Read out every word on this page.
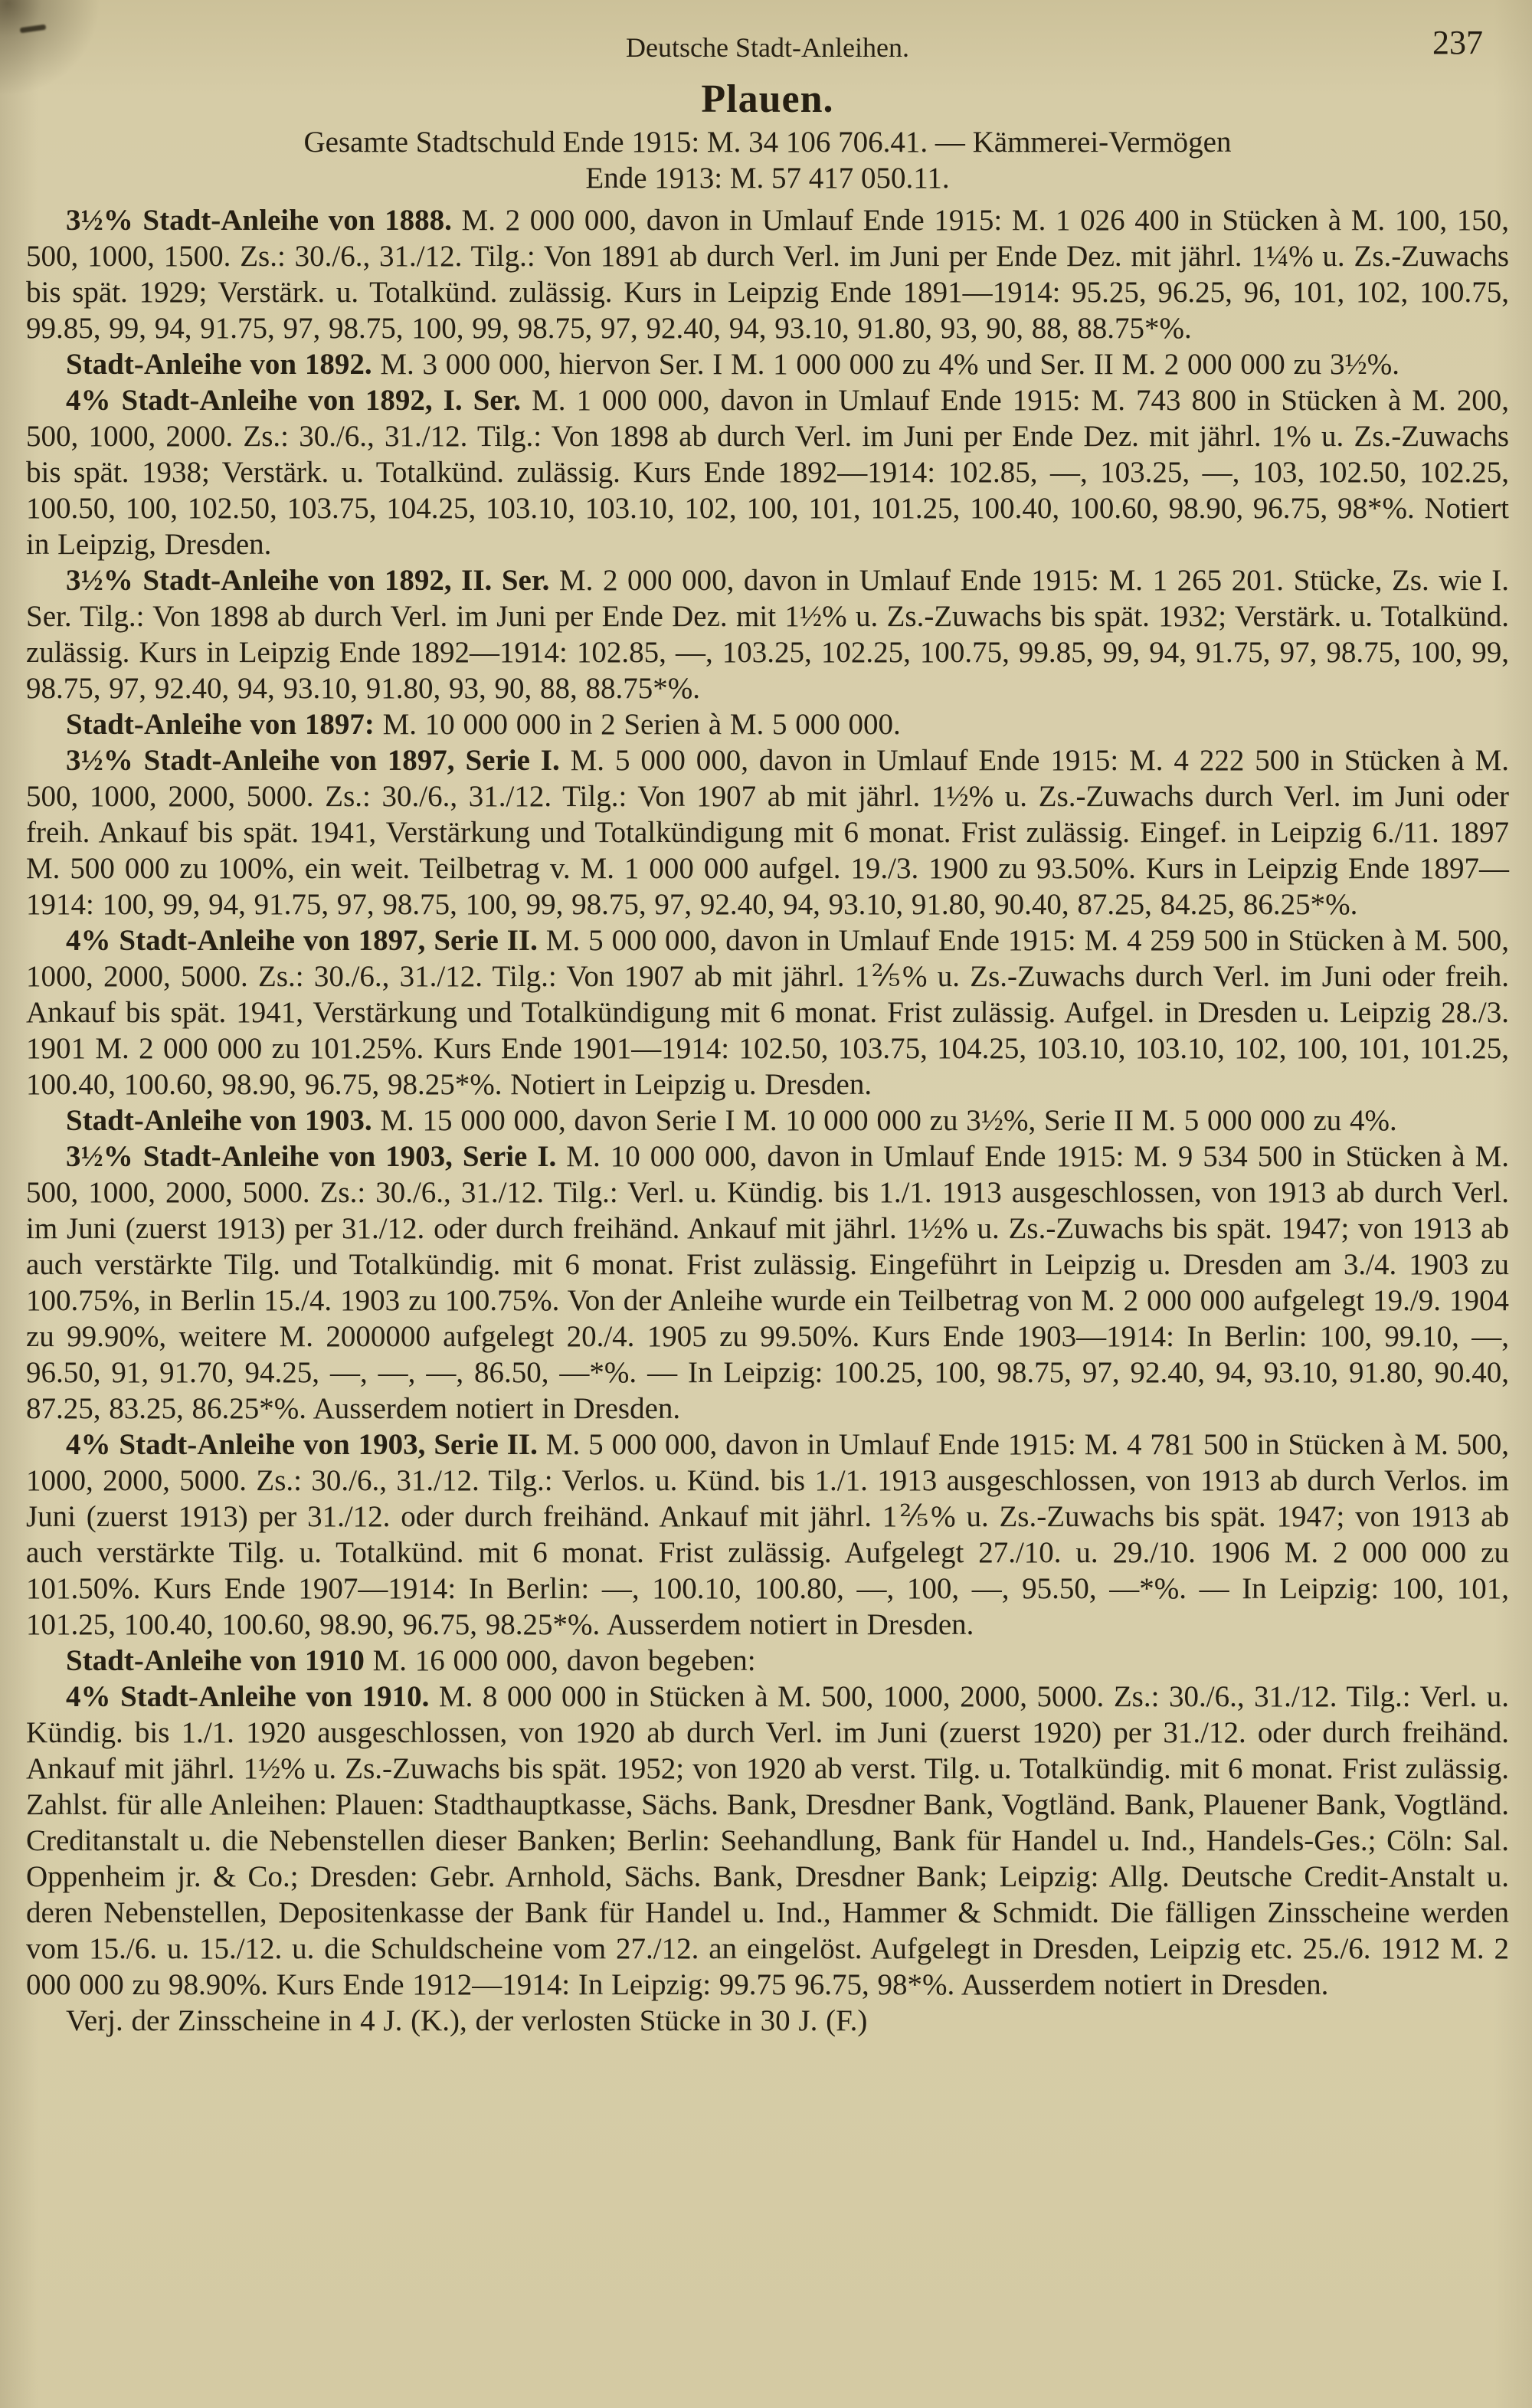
Deutsche Stadt-Anleihen.	237
Plauen.
Gesamte Stadtschuld Ende 1915: M. 34 106 706.41. — Kämmerei-Vermögen
Ende 1913: M. 57 417 050.11.

3½% Stadt-Anleihe von 1888. M. 2 000 000, davon in Umlauf Ende 1915: M. 1 026 400 in Stücken à M. 100, 150, 500, 1000, 1500. Zs.: 30./6., 31./12. Tilg.: Von 1891 ab durch Verl. im Juni per Ende Dez. mit jährl. 1¼% u. Zs.-Zuwachs bis spät. 1929; Verstärk. u. Totalkünd. zulässig. Kurs in Leipzig Ende 1891—1914: 95.25, 96.25, 96, 101, 102, 100.75, 99.85, 99, 94, 91.75, 97, 98.75, 100, 99, 98.75, 97, 92.40, 94, 93.10, 91.80, 93, 90, 88, 88.75*%.

Stadt-Anleihe von 1892. M. 3 000 000, hiervon Ser. I M. 1 000 000 zu 4% und Ser. II M. 2 000 000 zu 3½%.

4% Stadt-Anleihe von 1892, I. Ser. M. 1 000 000, davon in Umlauf Ende 1915: M. 743 800 in Stücken à M. 200, 500, 1000, 2000. Zs.: 30./6., 31./12. Tilg.: Von 1898 ab durch Verl. im Juni per Ende Dez. mit jährl. 1% u. Zs.-Zuwachs bis spät. 1938; Verstärk. u. Totalkünd. zulässig. Kurs Ende 1892—1914: 102.85, —, 103.25, —, 103, 102.50, 102.25, 100.50, 100, 102.50, 103.75, 104.25, 103.10, 103.10, 102, 100, 101, 101.25, 100.40, 100.60, 98.90, 96.75, 98*%. Notiert in Leipzig, Dresden.

3½% Stadt-Anleihe von 1892, II. Ser. M. 2 000 000, davon in Umlauf Ende 1915: M. 1 265 201. Stücke, Zs. wie I. Ser. Tilg.: Von 1898 ab durch Verl. im Juni per Ende Dez. mit 1½% u. Zs.-Zuwachs bis spät. 1932; Verstärk. u. Totalkünd. zulässig. Kurs in Leipzig Ende 1892—1914: 102.85, —, 103.25, 102.25, 100.75, 99.85, 99, 94, 91.75, 97, 98.75, 100, 99, 98.75, 97, 92.40, 94, 93.10, 91.80, 93, 90, 88, 88.75*%.

Stadt-Anleihe von 1897: M. 10 000 000 in 2 Serien à M. 5 000 000.

3½% Stadt-Anleihe von 1897, Serie I. M. 5 000 000, davon in Umlauf Ende 1915: M. 4 222 500 in Stücken à M. 500, 1000, 2000, 5000. Zs.: 30./6., 31./12. Tilg.: Von 1907 ab mit jährl. 1½% u. Zs.-Zuwachs durch Verl. im Juni oder freih. Ankauf bis spät. 1941, Verstärkung und Totalkündigung mit 6 monat. Frist zulässig. Eingef. in Leipzig 6./11. 1897 M. 500 000 zu 100%, ein weit. Teilbetrag v. M. 1 000 000 aufgel. 19./3. 1900 zu 93.50%. Kurs in Leipzig Ende 1897—1914: 100, 99, 94, 91.75, 97, 98.75, 100, 99, 98.75, 97, 92.40, 94, 93.10, 91.80, 90.40, 87.25, 84.25, 86.25*%.

4% Stadt-Anleihe von 1897, Serie II. M. 5 000 000, davon in Umlauf Ende 1915: M. 4 259 500 in Stücken à M. 500, 1000, 2000, 5000. Zs.: 30./6., 31./12. Tilg.: Von 1907 ab mit jährl. 1⅖% u. Zs.-Zuwachs durch Verl. im Juni oder freih. Ankauf bis spät. 1941, Verstärkung und Totalkündigung mit 6 monat. Frist zulässig. Aufgel. in Dresden u. Leipzig 28./3. 1901 M. 2 000 000 zu 101.25%. Kurs Ende 1901—1914: 102.50, 103.75, 104.25, 103.10, 103.10, 102, 100, 101, 101.25, 100.40, 100.60, 98.90, 96.75, 98.25*%. Notiert in Leipzig u. Dresden.

Stadt-Anleihe von 1903. M. 15 000 000, davon Serie I M. 10 000 000 zu 3½%, Serie II M. 5 000 000 zu 4%.

3½% Stadt-Anleihe von 1903, Serie I. M. 10 000 000, davon in Umlauf Ende 1915: M. 9 534 500 in Stücken à M. 500, 1000, 2000, 5000. Zs.: 30./6., 31./12. Tilg.: Verl. u. Kündig. bis 1./1. 1913 ausgeschlossen, von 1913 ab durch Verl. im Juni (zuerst 1913) per 31./12. oder durch freihänd. Ankauf mit jährl. 1½% u. Zs.-Zuwachs bis spät. 1947; von 1913 ab auch verstärkte Tilg. und Totalkündig. mit 6 monat. Frist zulässig. Eingeführt in Leipzig u. Dresden am 3./4. 1903 zu 100.75%, in Berlin 15./4. 1903 zu 100.75%. Von der Anleihe wurde ein Teilbetrag von M. 2 000 000 aufgelegt 19./9. 1904 zu 99.90%, weitere M. 2000000 aufgelegt 20./4. 1905 zu 99.50%. Kurs Ende 1903—1914: In Berlin: 100, 99.10, —, 96.50, 91, 91.70, 94.25, —, —, —, 86.50, —*%. — In Leipzig: 100.25, 100, 98.75, 97, 92.40, 94, 93.10, 91.80, 90.40, 87.25, 83.25, 86.25*%. Ausserdem notiert in Dresden.

4% Stadt-Anleihe von 1903, Serie II. M. 5 000 000, davon in Umlauf Ende 1915: M. 4 781 500 in Stücken à M. 500, 1000, 2000, 5000. Zs.: 30./6., 31./12. Tilg.: Verlos. u. Künd. bis 1./1. 1913 ausgeschlossen, von 1913 ab durch Verlos. im Juni (zuerst 1913) per 31./12. oder durch freihänd. Ankauf mit jährl. 1⅖% u. Zs.-Zuwachs bis spät. 1947; von 1913 ab auch verstärkte Tilg. u. Totalkünd. mit 6 monat. Frist zulässig. Aufgelegt 27./10. u. 29./10. 1906 M. 2 000 000 zu 101.50%. Kurs Ende 1907—1914: In Berlin: —, 100.10, 100.80, —, 100, —, 95.50, —*%. — In Leipzig: 100, 101, 101.25, 100.40, 100.60, 98.90, 96.75, 98.25*%. Ausserdem notiert in Dresden.

Stadt-Anleihe von 1910 M. 16 000 000, davon begeben:

4% Stadt-Anleihe von 1910. M. 8 000 000 in Stücken à M. 500, 1000, 2000, 5000. Zs.: 30./6., 31./12. Tilg.: Verl. u. Kündig. bis 1./1. 1920 ausgeschlossen, von 1920 ab durch Verl. im Juni (zuerst 1920) per 31./12. oder durch freihänd. Ankauf mit jährl. 1½% u. Zs.-Zuwachs bis spät. 1952; von 1920 ab verst. Tilg. u. Totalkündig. mit 6 monat. Frist zulässig. Zahlst. für alle Anleihen: Plauen: Stadthauptkasse, Sächs. Bank, Dresdner Bank, Vogtländ. Bank, Plauener Bank, Vogtländ. Creditanstalt u. die Nebenstellen dieser Banken; Berlin: Seehandlung, Bank für Handel u. Ind., Handels-Ges.; Cöln: Sal. Oppenheim jr. & Co.; Dresden: Gebr. Arnhold, Sächs. Bank, Dresdner Bank; Leipzig: Allg. Deutsche Credit-Anstalt u. deren Nebenstellen, Depositenkasse der Bank für Handel u. Ind., Hammer & Schmidt. Die fälligen Zinsscheine werden vom 15./6. u. 15./12. u. die Schuldscheine vom 27./12. an eingelöst. Aufgelegt in Dresden, Leipzig etc. 25./6. 1912 M. 2 000 000 zu 98.90%. Kurs Ende 1912—1914: In Leipzig: 99.75 96.75, 98*%. Ausserdem notiert in Dresden.

Verj. der Zinsscheine in 4 J. (K.), der verlosten Stücke in 30 J. (F.)
